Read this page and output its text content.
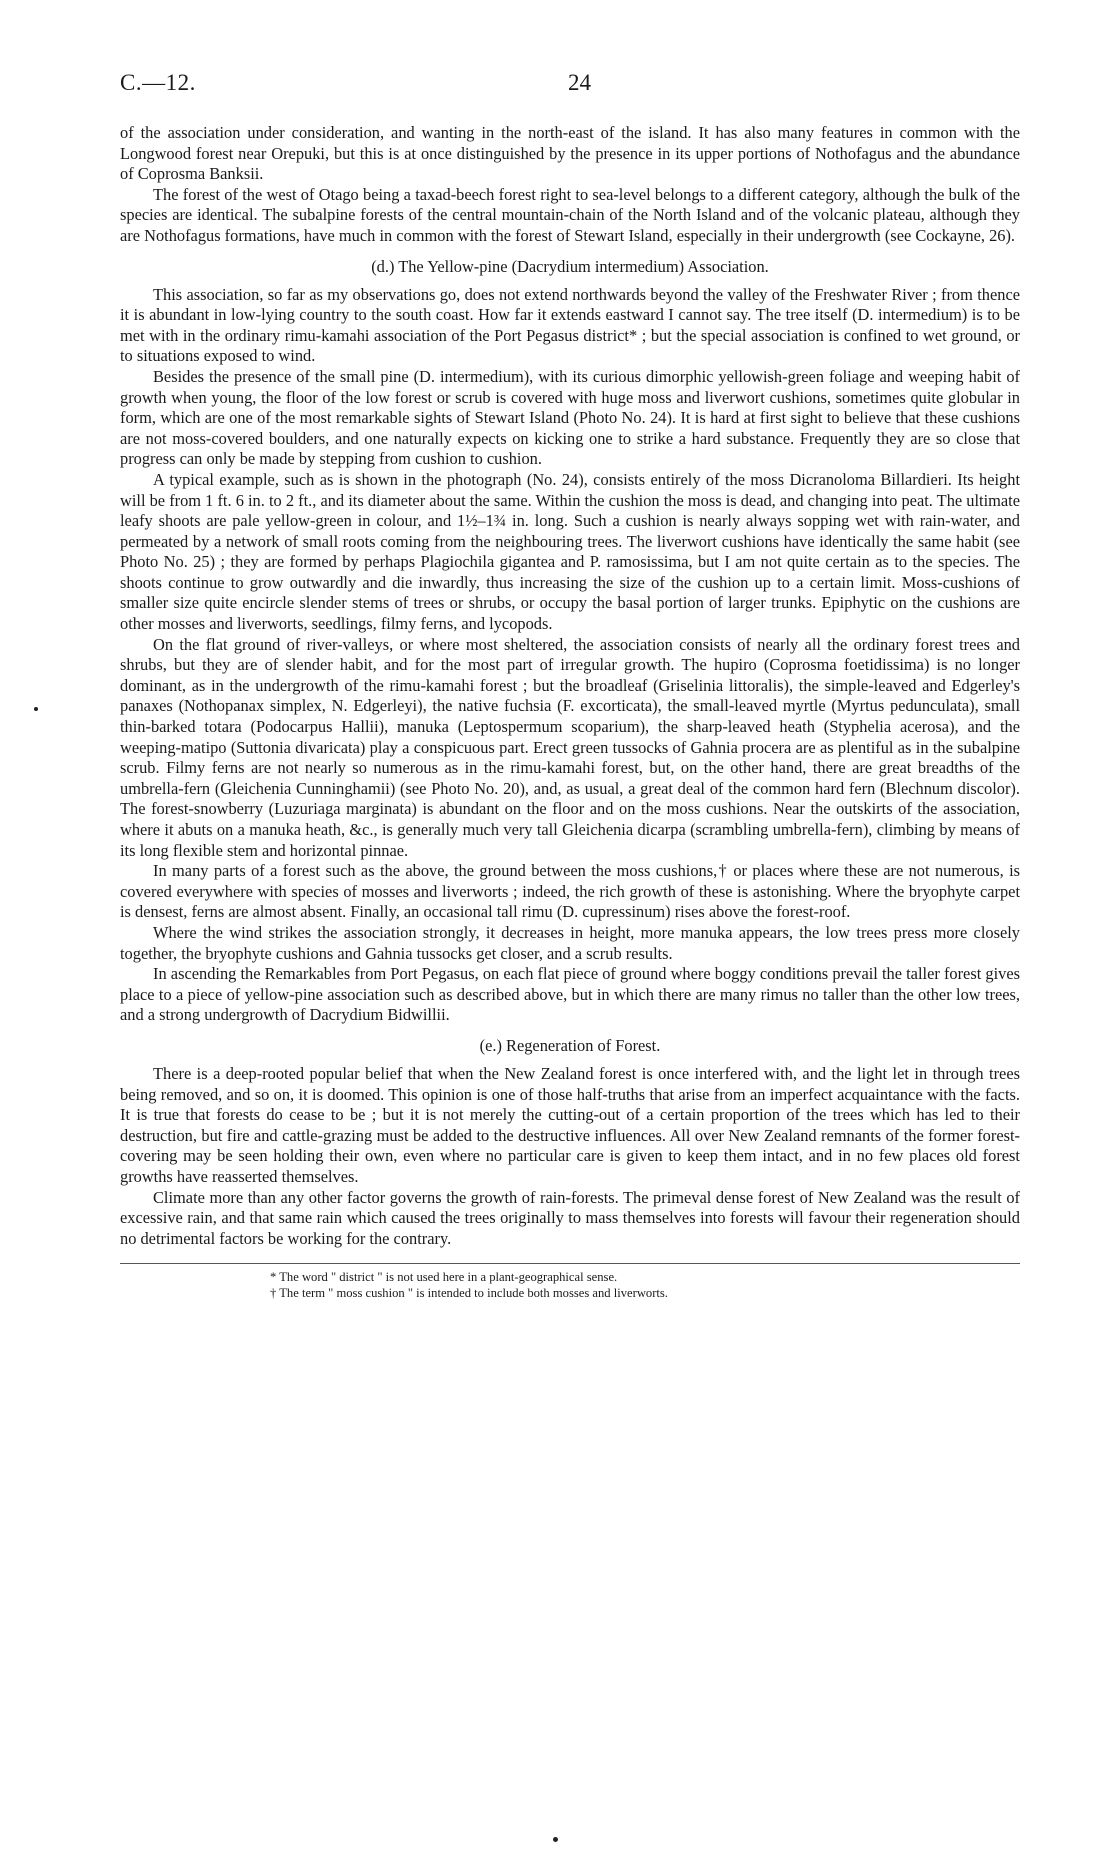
C.—12.	24

of the association under consideration, and wanting in the north-east of the island. It has also many features in common with the Longwood forest near Orepuki, but this is at once distinguished by the presence in its upper portions of Nothofagus and the abundance of Coprosma Banksii.

The forest of the west of Otago being a taxad-beech forest right to sea-level belongs to a different category, although the bulk of the species are identical. The subalpine forests of the central mountain-chain of the North Island and of the volcanic plateau, although they are Nothofagus formations, have much in common with the forest of Stewart Island, especially in their undergrowth (see Cockayne, 26).

(d.) The Yellow-pine (Dacrydium intermedium) Association.

This association, so far as my observations go, does not extend northwards beyond the valley of the Freshwater River ; from thence it is abundant in low-lying country to the south coast. How far it extends eastward I cannot say. The tree itself (D. intermedium) is to be met with in the ordinary rimu-kamahi association of the Port Pegasus district* ; but the special association is confined to wet ground, or to situations exposed to wind.

Besides the presence of the small pine (D. intermedium), with its curious dimorphic yellowish-green foliage and weeping habit of growth when young, the floor of the low forest or scrub is covered with huge moss and liverwort cushions, sometimes quite globular in form, which are one of the most remarkable sights of Stewart Island (Photo No. 24). It is hard at first sight to believe that these cushions are not moss-covered boulders, and one naturally expects on kicking one to strike a hard substance. Frequently they are so close that progress can only be made by stepping from cushion to cushion.

A typical example, such as is shown in the photograph (No. 24), consists entirely of the moss Dicranoloma Billardieri. Its height will be from 1 ft. 6 in. to 2 ft., and its diameter about the same. Within the cushion the moss is dead, and changing into peat. The ultimate leafy shoots are pale yellow-green in colour, and 1½–1¾ in. long. Such a cushion is nearly always sopping wet with rain-water, and permeated by a network of small roots coming from the neighbouring trees. The liverwort cushions have identically the same habit (see Photo No. 25) ; they are formed by perhaps Plagiochila gigantea and P. ramosissima, but I am not quite certain as to the species. The shoots continue to grow outwardly and die inwardly, thus increasing the size of the cushion up to a certain limit. Moss-cushions of smaller size quite encircle slender stems of trees or shrubs, or occupy the basal portion of larger trunks. Epiphytic on the cushions are other mosses and liverworts, seedlings, filmy ferns, and lycopods.

On the flat ground of river-valleys, or where most sheltered, the association consists of nearly all the ordinary forest trees and shrubs, but they are of slender habit, and for the most part of irregular growth. The hupiro (Coprosma foetidissima) is no longer dominant, as in the undergrowth of the rimu-kamahi forest ; but the broadleaf (Griselinia littoralis), the simple-leaved and Edgerley's panaxes (Nothopanax simplex, N. Edgerleyi), the native fuchsia (F. excorticata), the small-leaved myrtle (Myrtus pedunculata), small thin-barked totara (Podocarpus Hallii), manuka (Leptospermum scoparium), the sharp-leaved heath (Styphelia acerosa), and the weeping-matipo (Suttonia divaricata) play a conspicuous part. Erect green tussocks of Gahnia procera are as plentiful as in the subalpine scrub. Filmy ferns are not nearly so numerous as in the rimu-kamahi forest, but, on the other hand, there are great breadths of the umbrella-fern (Gleichenia Cunninghamii) (see Photo No. 20), and, as usual, a great deal of the common hard fern (Blechnum discolor). The forest-snowberry (Luzuriaga marginata) is abundant on the floor and on the moss cushions. Near the outskirts of the association, where it abuts on a manuka heath, &c., is generally much very tall Gleichenia dicarpa (scrambling umbrella-fern), climbing by means of its long flexible stem and horizontal pinnae.

In many parts of a forest such as the above, the ground between the moss cushions,† or places where these are not numerous, is covered everywhere with species of mosses and liverworts ; indeed, the rich growth of these is astonishing. Where the bryophyte carpet is densest, ferns are almost absent. Finally, an occasional tall rimu (D. cupressinum) rises above the forest-roof.

Where the wind strikes the association strongly, it decreases in height, more manuka appears, the low trees press more closely together, the bryophyte cushions and Gahnia tussocks get closer, and a scrub results.

In ascending the Remarkables from Port Pegasus, on each flat piece of ground where boggy conditions prevail the taller forest gives place to a piece of yellow-pine association such as described above, but in which there are many rimus no taller than the other low trees, and a strong undergrowth of Dacrydium Bidwillii.

(e.) Regeneration of Forest.

There is a deep-rooted popular belief that when the New Zealand forest is once interfered with, and the light let in through trees being removed, and so on, it is doomed. This opinion is one of those half-truths that arise from an imperfect acquaintance with the facts. It is true that forests do cease to be ; but it is not merely the cutting-out of a certain proportion of the trees which has led to their destruction, but fire and cattle-grazing must be added to the destructive influences. All over New Zealand remnants of the former forest-covering may be seen holding their own, even where no particular care is given to keep them intact, and in no few places old forest growths have reasserted themselves.

Climate more than any other factor governs the growth of rain-forests. The primeval dense forest of New Zealand was the result of excessive rain, and that same rain which caused the trees originally to mass themselves into forests will favour their regeneration should no detrimental factors be working for the contrary.

* The word " district " is not used here in a plant-geographical sense.
† The term " moss cushion " is intended to include both mosses and liverworts.
